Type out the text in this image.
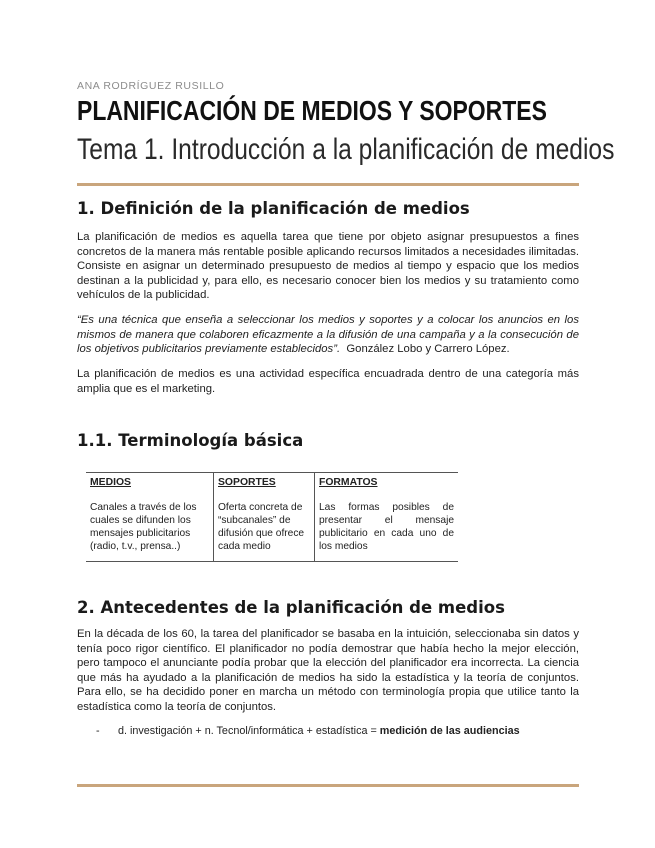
ANA RODRÍGUEZ RUSILLO
PLANIFICACIÓN DE MEDIOS Y SOPORTES
Tema 1. Introducción a la planificación de medios
1. Definición de la planificación de medios

La planificación de medios es aquella tarea que tiene por objeto asignar presupuestos a fines concretos de la manera más rentable posible aplicando recursos limitados a necesidades ilimitadas. Consiste en asignar un determinado presupuesto de medios al tiempo y espacio que los medios destinan a la publicidad y, para ello, es necesario conocer bien los medios y su tratamiento como vehículos de la publicidad.

“Es una técnica que enseña a seleccionar los medios y soportes y a colocar los anuncios en los mismos de manera que colaboren eficazmente a la difusión de una campaña y a la consecución de los objetivos publicitarios previamente establecidos”. González Lobo y Carrero López.

La planificación de medios es una actividad específica encuadrada dentro de una categoría más amplia que es el marketing.

1.1. Terminología básica
MEDIOS
Canales a través de los cuales se difunden los mensajes publicitarios (radio, t.v., prensa..)
SOPORTES
Oferta concreta de “subcanales” de difusión que ofrece cada medio
FORMATOS
Las formas posibles de presentar el mensaje publicitario en cada uno de los medios
2. Antecedentes de la planificación de medios

En la década de los 60, la tarea del planificador se basaba en la intuición, seleccionaba sin datos y tenía poco rigor científico. El planificador no podía demostrar que había hecho la mejor elección, pero tampoco el anunciante podía probar que la elección del planificador era incorrecta. La ciencia que más ha ayudado a la planificación de medios ha sido la estadística y la teoría de conjuntos. Para ello, se ha decidido poner en marcha un método con terminología propia que utilice tanto la estadística como la teoría de conjuntos.

- d. investigación + n. Tecnol/informática + estadística = medición de las audiencias
